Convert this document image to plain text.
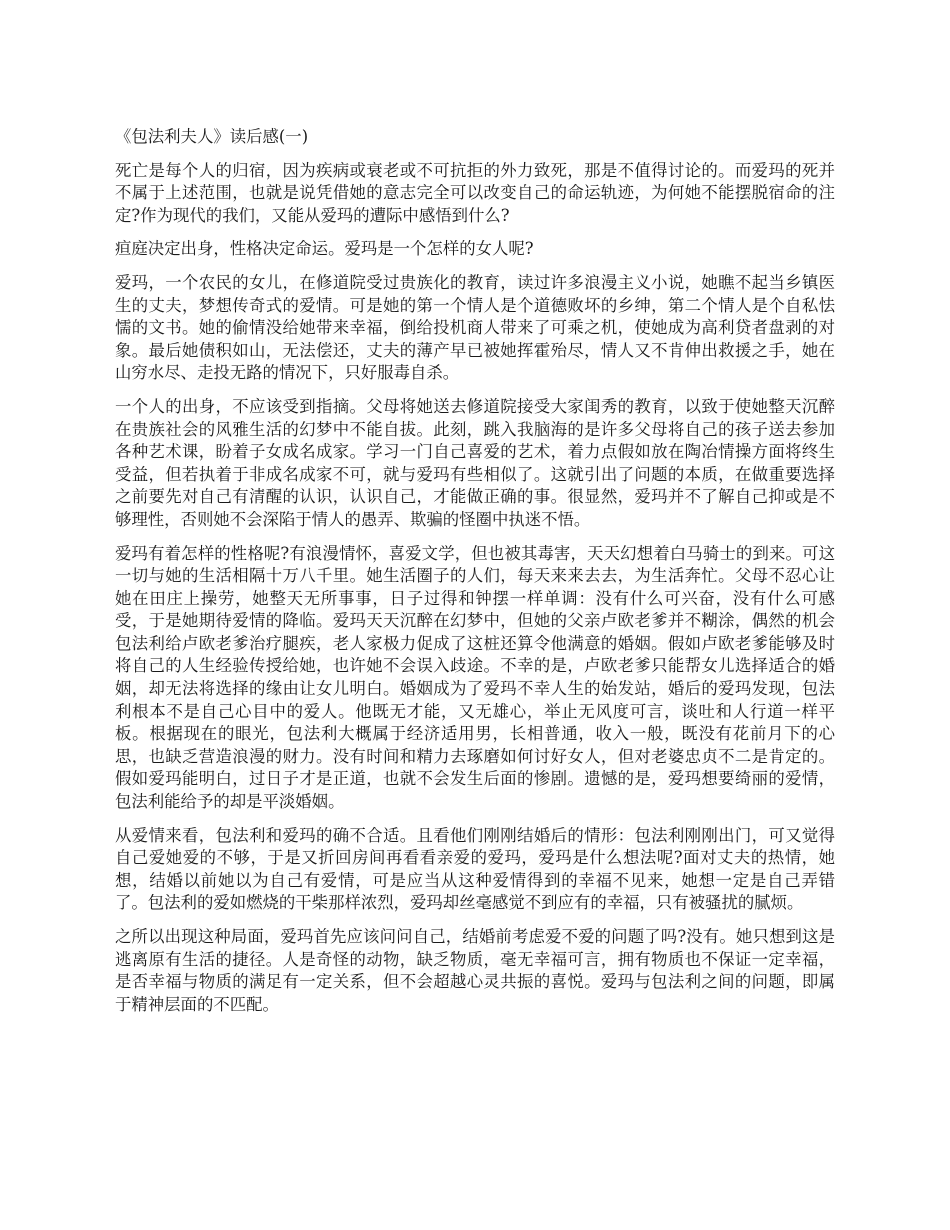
《包法利夫人》读后感(一)

死亡是每个人的归宿，因为疾病或衰老或不可抗拒的外力致死，那是不值得讨论的。而爱玛的死并不属于上述范围，也就是说凭借她的意志完全可以改变自己的命运轨迹，为何她不能摆脱宿命的注定?作为现代的我们，又能从爱玛的遭际中感悟到什么?

疸庭决定出身，性格决定命运。爱玛是一个怎样的女人呢?

爱玛，一个农民的女儿，在修道院受过贵族化的教育，读过许多浪漫主义小说，她瞧不起当乡镇医生的丈夫，梦想传奇式的爱情。可是她的第一个情人是个道德败坏的乡绅，第二个情人是个自私怯懦的文书。她的偷情没给她带来幸福，倒给投机商人带来了可乘之机，使她成为高利贷者盘剥的对象。最后她债积如山，无法偿还，丈夫的薄产早已被她挥霍殆尽，情人又不肯伸出救援之手，她在山穷水尽、走投无路的情况下，只好服毒自杀。

一个人的出身，不应该受到指摘。父母将她送去修道院接受大家闺秀的教育，以致于使她整天沉醉在贵族社会的风雅生活的幻梦中不能自拔。此刻，跳入我脑海的是许多父母将自己的孩子送去参加各种艺术课，盼着子女成名成家。学习一门自己喜爱的艺术，着力点假如放在陶冶情操方面将终生受益，但若执着于非成名成家不可，就与爱玛有些相似了。这就引出了问题的本质，在做重要选择之前要先对自己有清醒的认识，认识自己，才能做正确的事。很显然，爱玛并不了解自己抑或是不够理性，否则她不会深陷于情人的愚弄、欺骗的怪圈中执迷不悟。

爱玛有着怎样的性格呢?有浪漫情怀，喜爱文学，但也被其毒害，天天幻想着白马骑士的到来。可这一切与她的生活相隔十万八千里。她生活圈子的人们，每天来来去去，为生活奔忙。父母不忍心让她在田庄上操劳，她整天无所事事，日子过得和钟摆一样单调：没有什么可兴奋，没有什么可感受，于是她期待爱情的降临。爱玛天天沉醉在幻梦中，但她的父亲卢欧老爹并不糊涂，偶然的机会包法利给卢欧老爹治疗腿疾，老人家极力促成了这桩还算令他满意的婚姻。假如卢欧老爹能够及时将自己的人生经验传授给她，也许她不会误入歧途。不幸的是，卢欧老爹只能帮女儿选择适合的婚姻，却无法将选择的缘由让女儿明白。婚姻成为了爱玛不幸人生的始发站，婚后的爱玛发现，包法利根本不是自己心目中的爱人。他既无才能，又无雄心，举止无风度可言，谈吐和人行道一样平板。根据现在的眼光，包法利大概属于经济适用男，长相普通，收入一般，既没有花前月下的心思，也缺乏营造浪漫的财力。没有时间和精力去琢磨如何讨好女人，但对老婆忠贞不二是肯定的。假如爱玛能明白，过日子才是正道，也就不会发生后面的惨剧。遗憾的是，爱玛想要绮丽的爱情，包法利能给予的却是平淡婚姻。

从爱情来看，包法利和爱玛的确不合适。且看他们刚刚结婚后的情形：包法利刚刚出门，可又觉得自己爱她爱的不够，于是又折回房间再看看亲爱的爱玛，爱玛是什么想法呢?面对丈夫的热情，她想，结婚以前她以为自己有爱情，可是应当从这种爱情得到的幸福不见来，她想一定是自己弄错了。包法利的爱如燃烧的干柴那样浓烈，爱玛却丝毫感觉不到应有的幸福，只有被骚扰的腻烦。

之所以出现这种局面，爱玛首先应该问问自己，结婚前考虑爱不爱的问题了吗?没有。她只想到这是逃离原有生活的捷径。人是奇怪的动物，缺乏物质，毫无幸福可言，拥有物质也不保证一定幸福，是否幸福与物质的满足有一定关系，但不会超越心灵共振的喜悦。爱玛与包法利之间的问题，即属于精神层面的不匹配。
